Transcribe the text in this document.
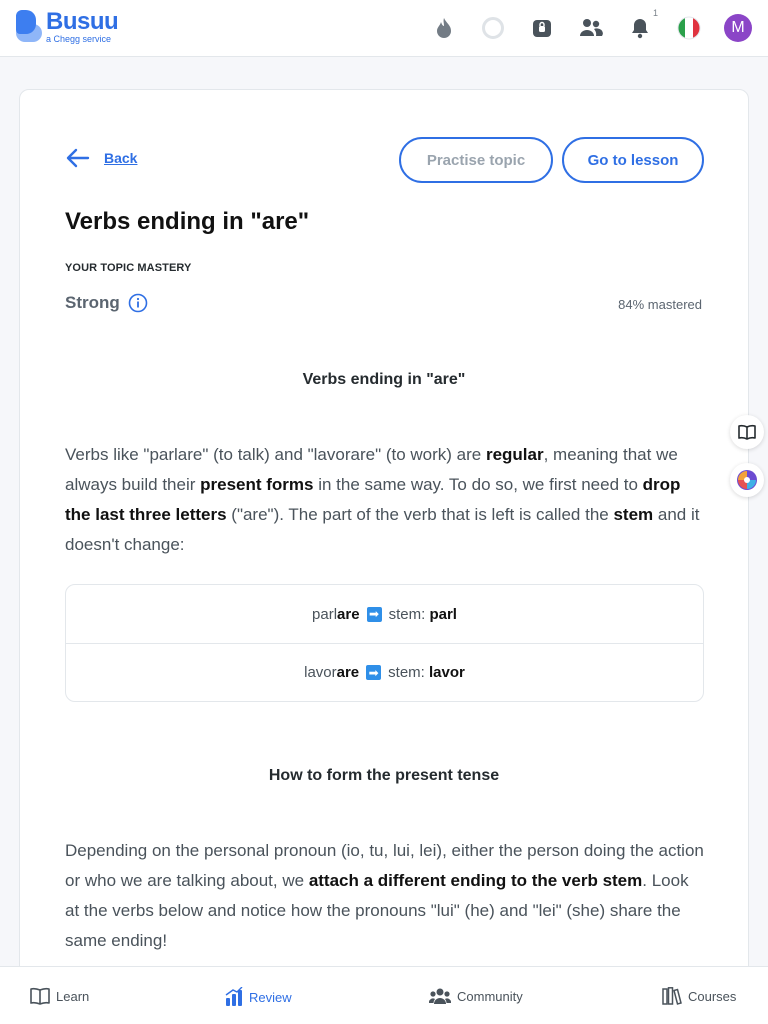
Busuu
a Chegg service
1
M
Back	Practise topic	Go to lesson
Verbs ending in "are"
YOUR TOPIC MASTERY
Strong	84% mastered
Verbs ending in "are"

Verbs like "parlare" (to talk) and "lavorare" (to work) are regular, meaning that we always build their present forms in the same way. To do so, we first need to drop the last three letters ("are"). The part of the verb that is left is called the stem and it doesn't change:

parl are ➡ stem:
parl
lavor are ➡ stem:
lavor
How to form the present tense

Depending on the personal pronoun (io, tu, lui, lei), either the person doing the action or who we are talking about, we attach a different ending to the verb stem. Look at the verbs below and notice how the pronouns "lui" (he) and "lei" (she) share the same ending!

Learn	Review	Community	Courses
